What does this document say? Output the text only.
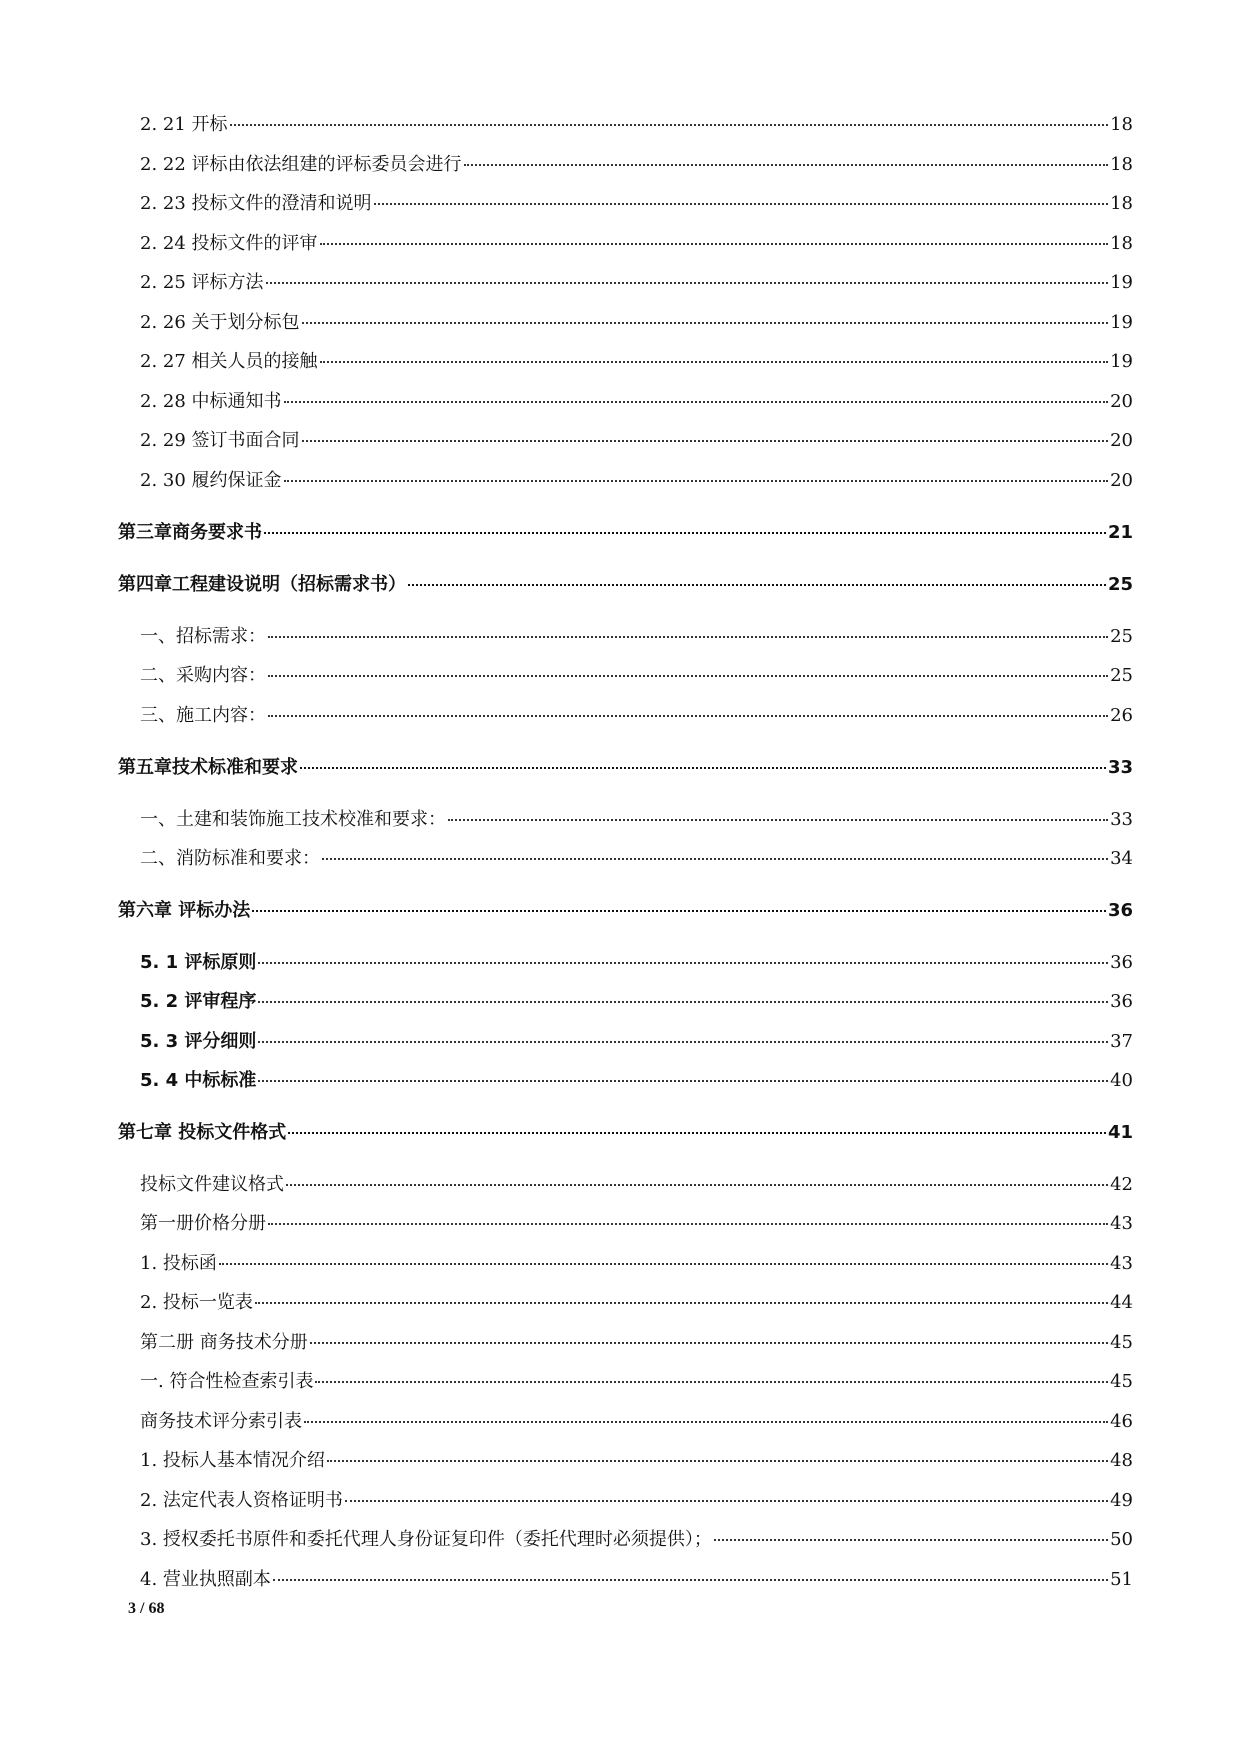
2. 21 开标	18
2. 22 评标由依法组建的评标委员会进行	18
2. 23 投标文件的澄清和说明	18
2. 24 投标文件的评审	18
2. 25 评标方法	19
2. 26 关于划分标包	19
2. 27 相关人员的接触	19
2. 28 中标通知书	20
2. 29 签订书面合同	20
2. 30 履约保证金	20
第三章商务要求书	21
第四章工程建设说明（招标需求书）	25
一、招标需求：	25
二、采购内容：	25
三、施工内容：	26
第五章技术标准和要求	33
一、土建和装饰施工技术校准和要求：	33
二、消防标准和要求：	34
第六章 评标办法	36
5. 1 评标原则	36
5. 2 评审程序	36
5. 3 评分细则	37
5. 4 中标标准	40
第七章 投标文件格式	41
投标文件建议格式	42
第一册价格分册	43
1. 投标函	43
2. 投标一览表	44
第二册 商务技术分册	45
一. 符合性检查索引表	45
商务技术评分索引表	46
1. 投标人基本情况介绍	48
2. 法定代表人资格证明书	49
3. 授权委托书原件和委托代理人身份证复印件（委托代理时必须提供）；	50
4. 营业执照副本	51
3 / 68
